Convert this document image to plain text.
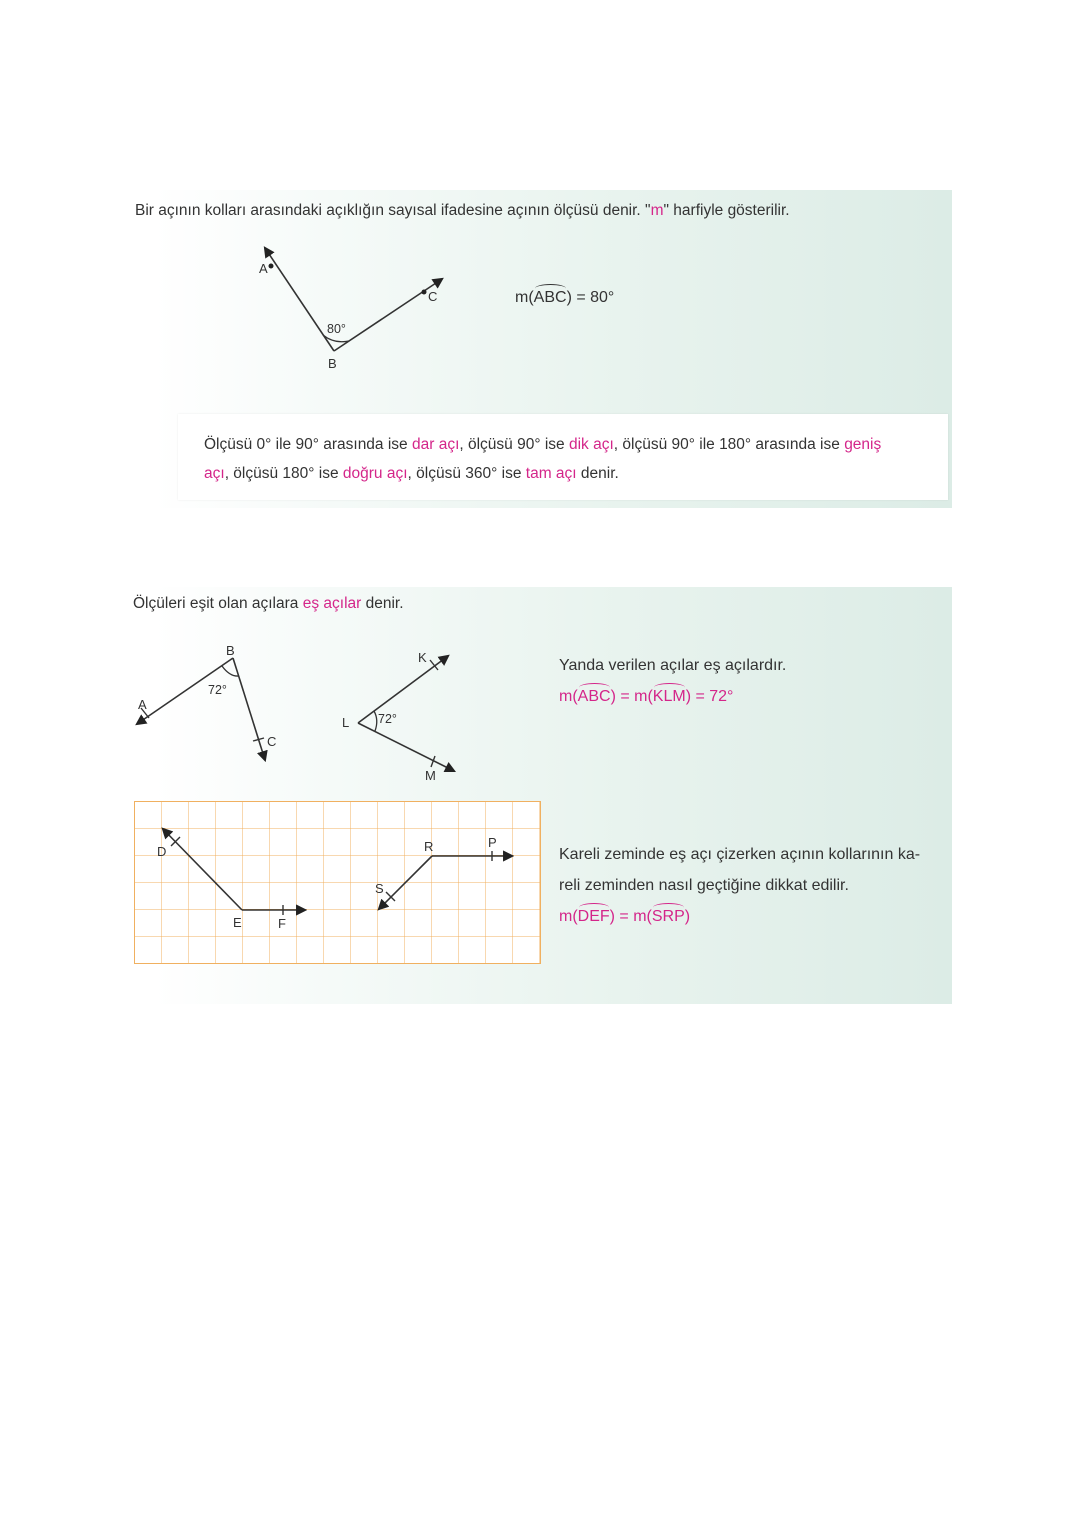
Bir açının kolları arasındaki açıklığın sayısal ifadesine açının ölçüsü denir. "m" harfiyle gösterilir.
A
C
B
80°
m(ABC) = 80°
Ölçüsü 0° ile 90° arasında ise dar açı, ölçüsü 90° ise dik açı, ölçüsü 90° ile 180° arasında ise geniş
açı, ölçüsü 180° ise doğru açı, ölçüsü 360° ise tam açı denir.
Ölçüleri eşit olan açılara eş açılar denir.
B
A
C
72°
K
L
M
72°
Yanda verilen açılar eş açılardır.
m(ABC) = m(KLM) = 72°
D
E	F
R	P
S
Kareli zeminde eş açı çizerken açının kollarının ka-
reli zeminden nasıl geçtiğine dikkat edilir.
m(DEF) = m(SRP)
